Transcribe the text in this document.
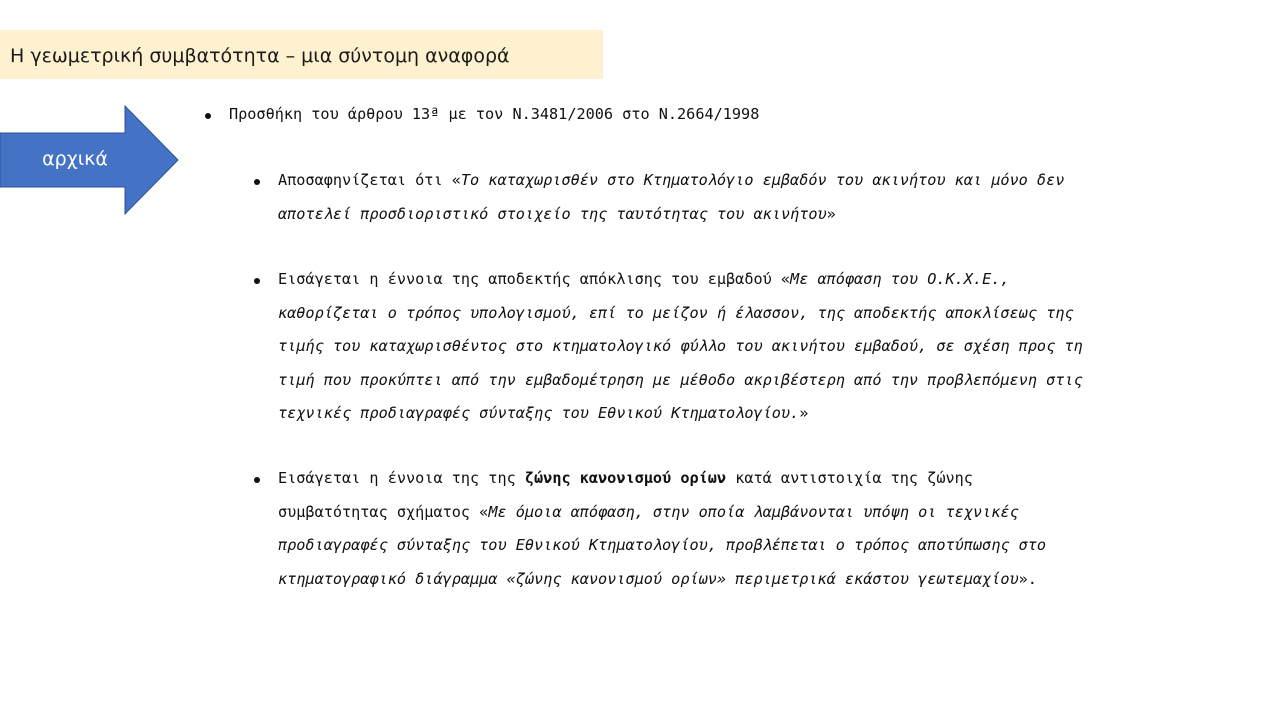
Η γεωμετρική συμβατότητα – μια σύντομη αναφορά
αρχικά
Προσθήκη του άρθρου 13ª με τον Ν.3481/2006 στο Ν.2664/1998
Αποσαφηνίζεται ότι «Το καταχωρισθέν στο Κτηματολόγιο εμβαδόν του ακινήτου και μόνο δεν
αποτελεί προσδιοριστικό στοιχείο της ταυτότητας του ακινήτου»
Εισάγεται η έννοια της αποδεκτής απόκλισης του εμβαδού «Με απόφαση του Ο.Κ.Χ.Ε.,
καθορίζεται ο τρόπος υπολογισμού, επί το μείζον ή έλασσον, της αποδεκτής αποκλίσεως της
τιμής του καταχωρισθέντος στο κτηματολογικό φύλλο του ακινήτου εμβαδού, σε σχέση προς τη
τιμή που προκύπτει από την εμβαδομέτρηση με μέθοδο ακριβέστερη από την προβλεπόμενη στις
τεχνικές προδιαγραφές σύνταξης του Εθνικού Κτηματολογίου.»
Εισάγεται η έννοια της της ζώνης κανονισμού ορίων κατά αντιστοιχία της ζώνης
συμβατότητας σχήματος «Με όμοια απόφαση, στην οποία λαμβάνονται υπόψη οι τεχνικές
προδιαγραφές σύνταξης του Εθνικού Κτηματολογίου, προβλέπεται ο τρόπος αποτύπωσης στο
κτηματογραφικό διάγραμμα «ζώνης κανονισμού ορίων» περιμετρικά εκάστου γεωτεμαχίου».
